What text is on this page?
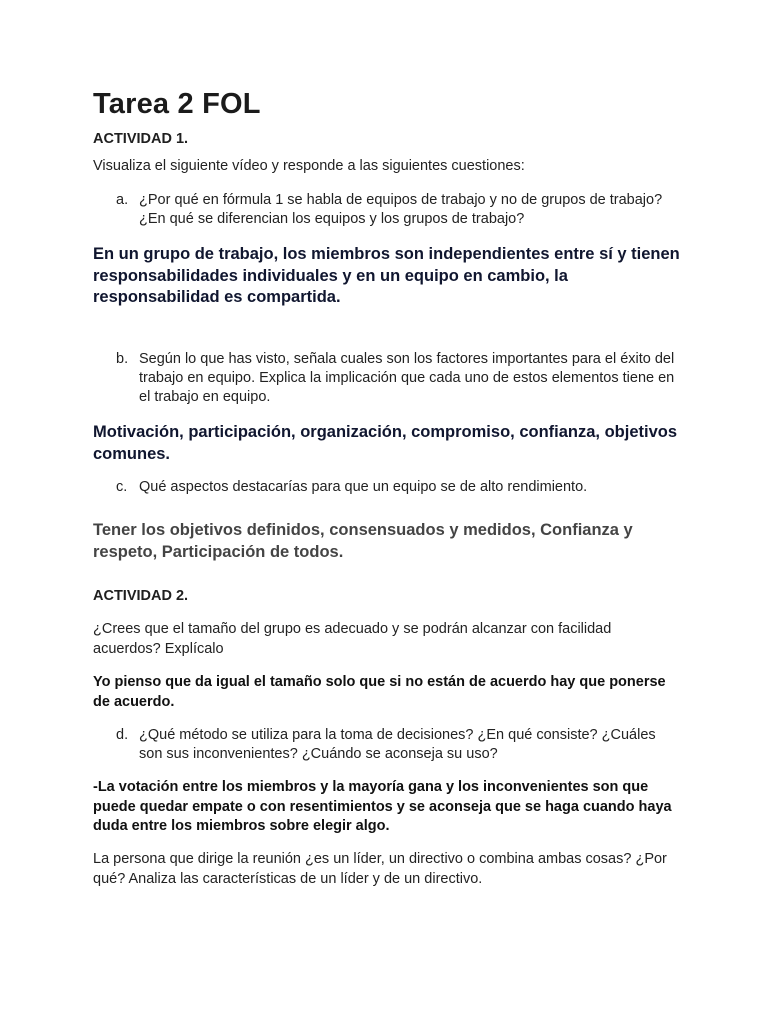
Tarea 2 FOL
ACTIVIDAD 1.
Visualiza el siguiente vídeo y responde a las siguientes cuestiones:
a. ¿Por qué en fórmula 1 se habla de equipos de trabajo y no de grupos de trabajo? ¿En qué se diferencian los equipos y los grupos de trabajo?
En un grupo de trabajo, los miembros son independientes entre sí y tienen responsabilidades individuales y en un equipo en cambio, la responsabilidad es compartida.
b. Según lo que has visto, señala cuales son los factores importantes para el éxito del trabajo en equipo. Explica la implicación que cada uno de estos elementos tiene en el trabajo en equipo.
Motivación, participación, organización, compromiso, confianza, objetivos comunes.
c. Qué aspectos destacarías para que un equipo se de alto rendimiento.
Tener los objetivos definidos, consensuados y medidos, Confianza y respeto, Participación de todos.
ACTIVIDAD 2.
¿Crees que el tamaño del grupo es adecuado y se podrán alcanzar con facilidad acuerdos? Explícalo
Yo pienso que da igual el tamaño solo que si no están de acuerdo hay que ponerse de acuerdo.
d. ¿Qué método se utiliza para la toma de decisiones? ¿En qué consiste? ¿Cuáles son sus inconvenientes? ¿Cuándo se aconseja su uso?
-La votación entre los miembros y la mayoría gana y los inconvenientes son que puede quedar empate o con resentimientos y se aconseja que se haga cuando haya duda entre los miembros sobre elegir algo.
La persona que dirige la reunión ¿es un líder, un directivo o combina ambas cosas? ¿Por qué? Analiza las características de un líder y de un directivo.
